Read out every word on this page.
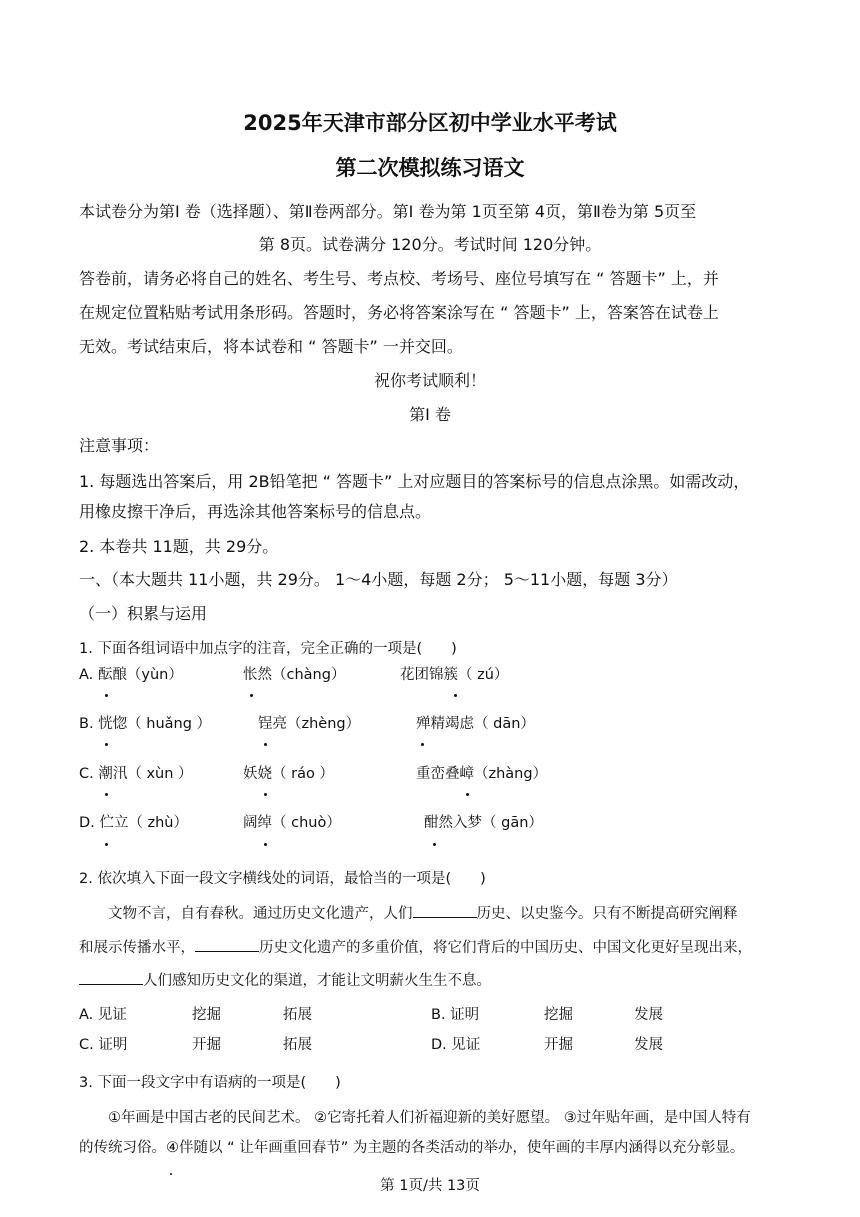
2025年天津市部分区初中学业水平考试
第二次模拟练习语文
本试卷分为第Ⅰ 卷（选择题）、第Ⅱ卷两部分。第Ⅰ 卷为第 1页至第 4页，第Ⅱ卷为第 5页至
第 8页。试卷满分 120分。考试时间 120分钟。
答卷前，请务必将自己的姓名、考生号、考点校、考场号、座位号填写在 “ 答题卡” 上，并
在规定位置粘贴考试用条形码。答题时，务必将答案涂写在 “ 答题卡” 上，答案答在试卷上
无效。考试结束后，将本试卷和 “ 答题卡” 一并交回。
祝你考试顺利！
第Ⅰ 卷
注意事项：
1. 每题选出答案后，用 2B铅笔把 “ 答题卡” 上对应题目的答案标号的信息点涂黑。如需改动，
用橡皮擦干净后，再选涂其他答案标号的信息点。
2. 本卷共 11题，共 29分。
一、（本大题共 11小题，共 29分。 1～4小题，每题 2分； 5～11小题，每题 3分）
（一）积累与运用
1. 下面各组词语中加点字的注音，完全正确的一项是(　　)
A. 酝酿（yùn）	怅然（chàng）	花团锦簇（ zú）
B. 恍惚（ huǎng ）	锃亮（zhèng）	殚精竭虑（ dān）
C. 潮汛（ xùn ）	妖娆（ ráo ）	重峦叠嶂（zhàng）
D. 伫立（ zhù）	阔绰（ chuò）	酣然入梦（ gān）
2. 依次填入下面一段文字横线处的词语，最恰当的一项是(　　)
文物不言，自有春秋。通过历史文化遗产，人们	历史、以史鉴今。只有不断提高研究阐释
和展示传播水平，	历史文化遗产的多重价值，将它们背后的中国历史、中国文化更好呈现出来，
人们感知历史文化的渠道，才能让文明薪火生生不息。
A. 见证	挖掘	拓展	B. 证明	挖掘	发展
C. 证明	开掘	拓展	D. 见证	开掘	发展
3. 下面一段文字中有语病的一项是(　　)
①年画是中国古老的民间艺术。 ②它寄托着人们祈福迎新的美好愿望。 ③过年贴年画，是中国人特有
的传统习俗。④伴随以 “ 让年画重回春节” 为主题的各类活动的举办，使年画的丰厚内涵得以充分彰显。
第 1页/共 13页
